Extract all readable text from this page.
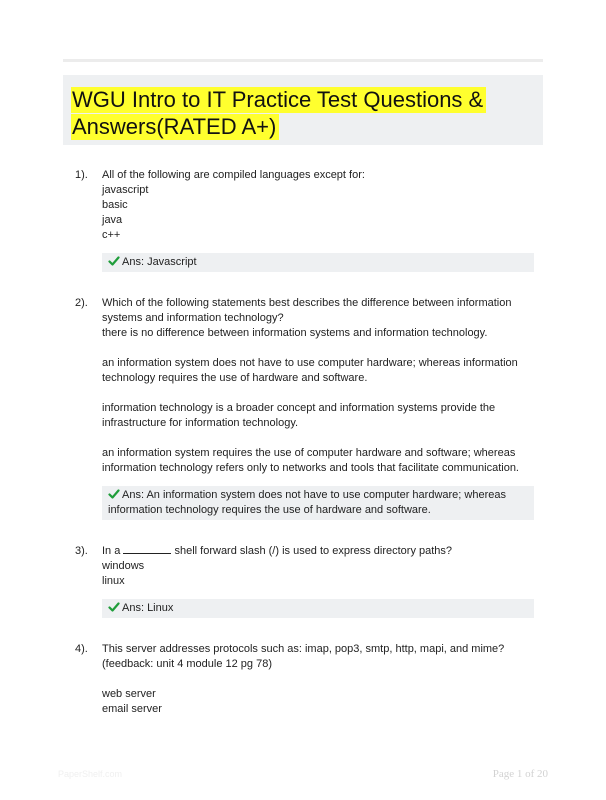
WGU Intro to IT Practice Test Questions & Answers(RATED A+)
1).	All of the following are compiled languages except for:
javascript
basic
java
c++
Ans: Javascript
2).	Which of the following statements best describes the difference between information
systems and information technology?
there is no difference between information systems and information technology.
an information system does not have to use computer hardware; whereas information
technology requires the use of hardware and software.
information technology is a broader concept and information systems provide the
infrastructure for information technology.
an information system requires the use of computer hardware and software; whereas
information technology refers only to networks and tools that facilitate communication.
Ans: An information system does not have to use computer hardware; whereas
information technology requires the use of hardware and software.
3).	In a	shell forward slash (/) is used to express directory paths?
windows
linux
Ans: Linux
4).	This server addresses protocols such as: imap, pop3, smtp, http, mapi, and mime?
(feedback: unit 4 module 12 pg 78)
web server
email server
PaperShelf.com	Page 1 of 20
